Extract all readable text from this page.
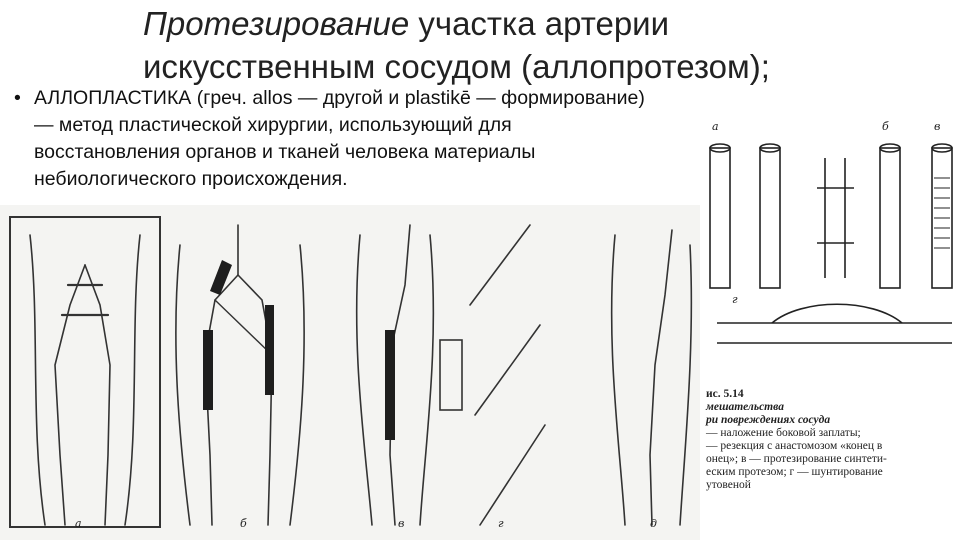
Протезирование участка артерии
искусственным сосудом (аллопротезом);
• АЛЛОПЛАСТИКА (греч. allos — другой и plastikē — формирование)
— метод пластической хирургии, использующий для
восстановления органов и тканей человека материалы
небиологического происхождения.
а	б	в	г	д
а	б	в
г
ис. 5.14
мешательства
ри повреждениях сосуда
— наложение боковой заплаты;
— резекция с анастомозом «конец в
онец»; в — протезирование синтети-
еским протезом; г — шунтирование
утовеной
